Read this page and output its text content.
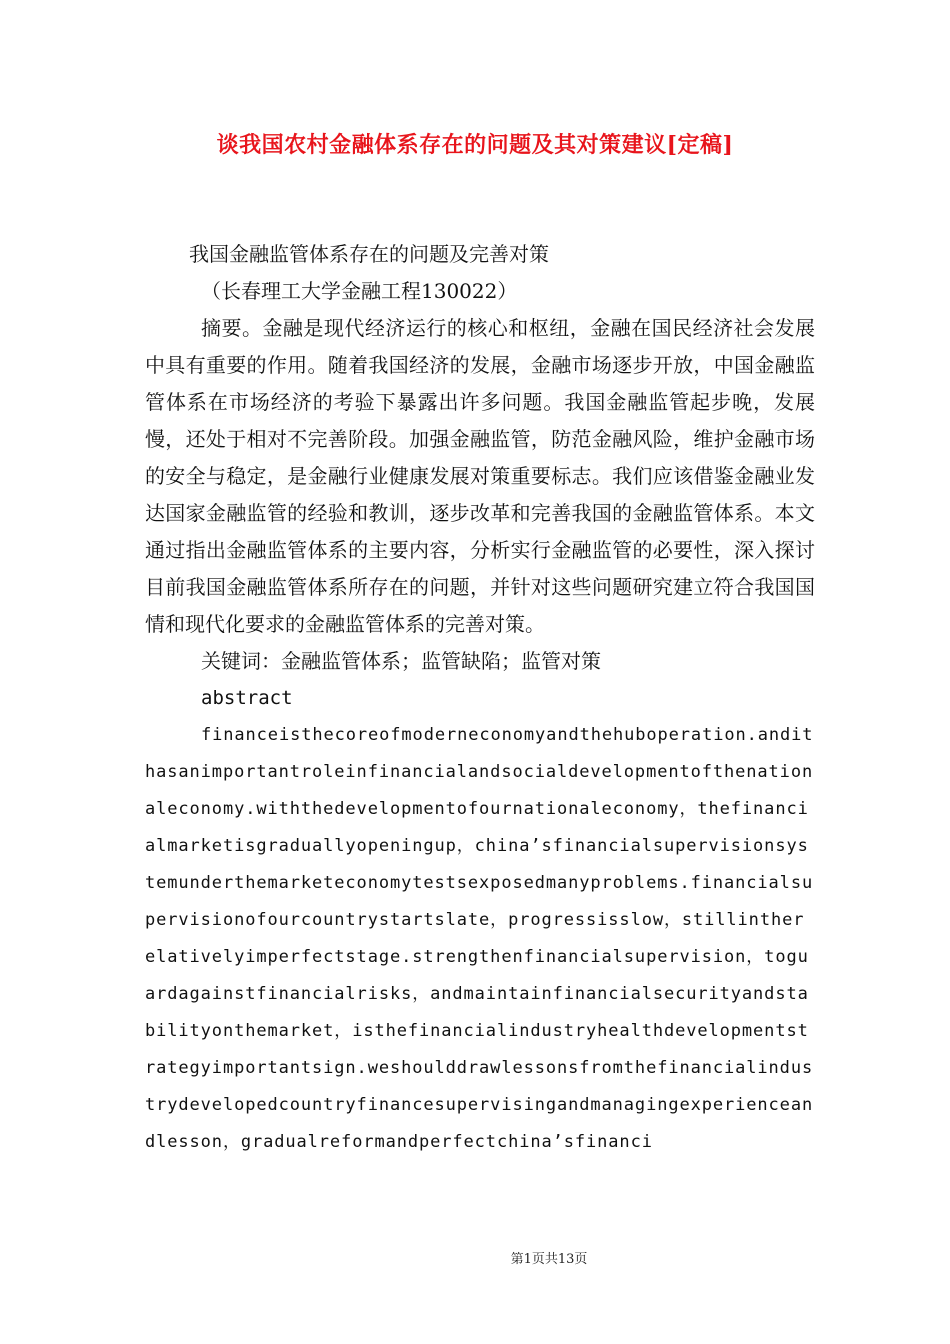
谈我国农村金融体系存在的问题及其对策建议[定稿]
我国金融监管体系存在的问题及完善对策
（长春理工大学金融工程130022）

摘要。金融是现代经济运行的核心和枢纽，金融在国民经济社会发展中具有重要的作用。随着我国经济的发展，金融市场逐步开放，中国金融监管体系在市场经济的考验下暴露出许多问题。我国金融监管起步晚，发展慢，还处于相对不完善阶段。加强金融监管，防范金融风险，维护金融市场的安全与稳定，是金融行业健康发展对策重要标志。我们应该借鉴金融业发达国家金融监管的经验和教训，逐步改革和完善我国的金融监管体系。本文通过指出金融监管体系的主要内容，分析实行金融监管的必要性，深入探讨目前我国金融监管体系所存在的问题，并针对这些问题研究建立符合我国国情和现代化要求的金融监管体系的完善对策。

关键词：金融监管体系；监管缺陷；监管对策
abstract

financeisthecoreofmoderneconomyandthehuboperation.andithasanimportantroleinfinancialandsocialdevelopmentofthenationaleconomy.withthedevelopmentofournationaleconomy，thefinancialmarketisgraduallyopeningup，china’sfinancialsupervisionsystemunderthemarketeconomytestsexposedmanyproblems.financialsupervisionofourcountrystartslate，progressisslow，stillintherelativelyimperfectstage.strengthenfinancialsupervision，toguardagainstfinancialrisks，andmaintainfinancialsecurityandstabilityonthemarket，isthefinancialindustryhealthdevelopmentstrategyimportantsign.weshoulddrawlessonsfromthefinancialindustrydevelopedcountryfinancesupervisingandmanagingexperienceandlesson，gradualreformandperfectchina’sfinanci

第1页共13页
